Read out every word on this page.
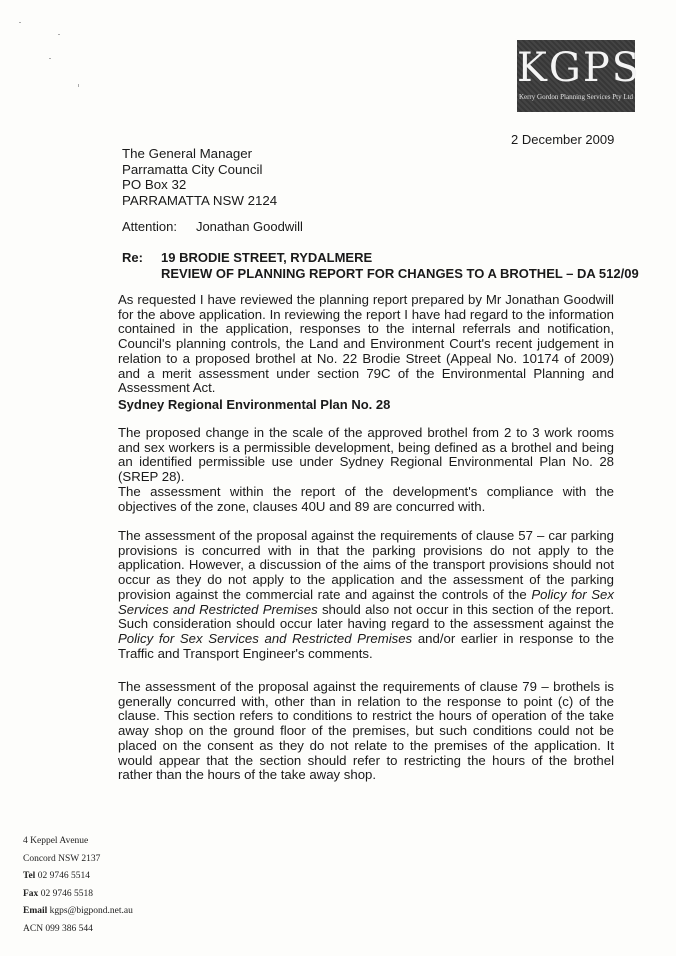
KGPS
Kerry Gordon Planning Services Pty Ltd
2 December 2009
The General Manager
Parramatta City Council
PO Box 32
PARRAMATTA NSW 2124
Attention: Jonathan Goodwill
Re: 19 BRODIE STREET, RYDALMERE
REVIEW OF PLANNING REPORT FOR CHANGES TO A BROTHEL – DA 512/09

As requested I have reviewed the planning report prepared by Mr Jonathan Goodwill for the above application. In reviewing the report I have had regard to the information contained in the application, responses to the internal referrals and notification, Council's planning controls, the Land and Environment Court's recent judgement in relation to a proposed brothel at No. 22 Brodie Street (Appeal No. 10174 of 2009) and a merit assessment under section 79C of the Environmental Planning and Assessment Act.

Sydney Regional Environmental Plan No. 28

The proposed change in the scale of the approved brothel from 2 to 3 work rooms and sex workers is a permissible development, being defined as a brothel and being an identified permissible use under Sydney Regional Environmental Plan No. 28 (SREP 28).

The assessment within the report of the development's compliance with the objectives of the zone, clauses 40U and 89 are concurred with.

The assessment of the proposal against the requirements of clause 57 – car parking provisions is concurred with in that the parking provisions do not apply to the application. However, a discussion of the aims of the transport provisions should not occur as they do not apply to the application and the assessment of the parking provision against the commercial rate and against the controls of the Policy for Sex Services and Restricted Premises should also not occur in this section of the report. Such consideration should occur later having regard to the assessment against the Policy for Sex Services and Restricted Premises and/or earlier in response to the Traffic and Transport Engineer's comments.

The assessment of the proposal against the requirements of clause 79 – brothels is generally concurred with, other than in relation to the response to point (c) of the clause. This section refers to conditions to restrict the hours of operation of the take away shop on the ground floor of the premises, but such conditions could not be placed on the consent as they do not relate to the premises of the application. It would appear that the section should refer to restricting the hours of the brothel rather than the hours of the take away shop.

4 Keppel Avenue
Concord NSW 2137
Tel 02 9746 5514
Fax 02 9746 5518
Email kgps@bigpond.net.au
ACN 099 386 544
